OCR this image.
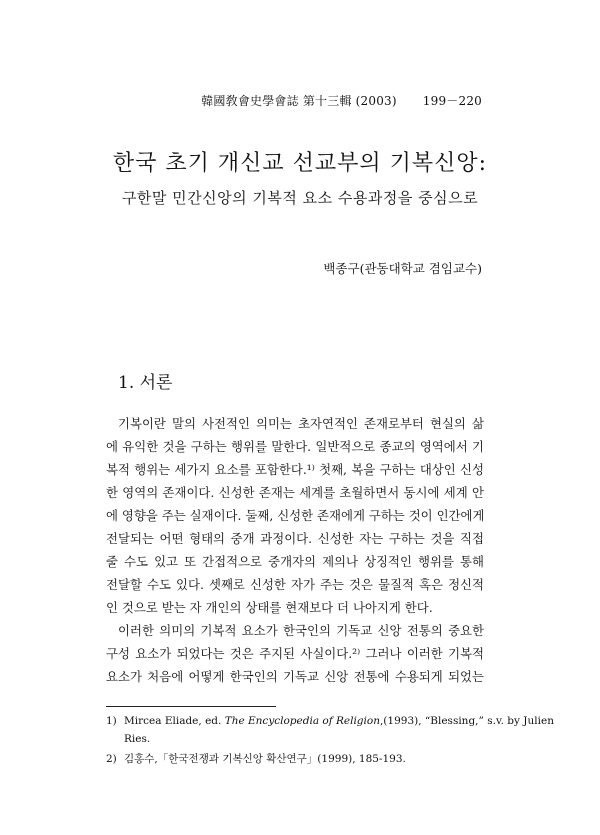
韓國敎會史學會誌 第十三輯 (2003) 199－220
한국 초기 개신교 선교부의 기복신앙:
구한말 민간신앙의 기복적 요소 수용과정을 중심으로
백종구(관동대학교 겸임교수)
1. 서론
기복이란 말의 사전적인 의미는 초자연적인 존재로부터 현실의 삶
에 유익한 것을 구하는 행위를 말한다. 일반적으로 종교의 영역에서 기
복적 행위는 세가지 요소를 포함한다.¹⁾ 첫째, 복을 구하는 대상인 신성
한 영역의 존재이다. 신성한 존재는 세계를 초월하면서 동시에 세계 안
에 영향을 주는 실재이다. 둘째, 신성한 존재에게 구하는 것이 인간에게
전달되는 어떤 형태의 중개 과정이다. 신성한 자는 구하는 것을 직접
줄 수도 있고 또 간접적으로 중개자의 제의나 상징적인 행위를 통해
전달할 수도 있다. 셋째로 신성한 자가 주는 것은 물질적 혹은 정신적
인 것으로 받는 자 개인의 상태를 현재보다 더 나아지게 한다.
이러한 의미의 기복적 요소가 한국인의 기독교 신앙 전통의 중요한
구성 요소가 되었다는 것은 주지된 사실이다.²⁾ 그러나 이러한 기복적
요소가 처음에 어떻게 한국인의 기독교 신앙 전통에 수용되게 되었는
1) Mircea Eliade, ed. The Encyclopedia of Religion,(1993), “Blessing,” s.v. by Julien
Ries.
2) 김홍수,「한국전쟁과 기복신앙 확산연구」(1999), 185-193.
